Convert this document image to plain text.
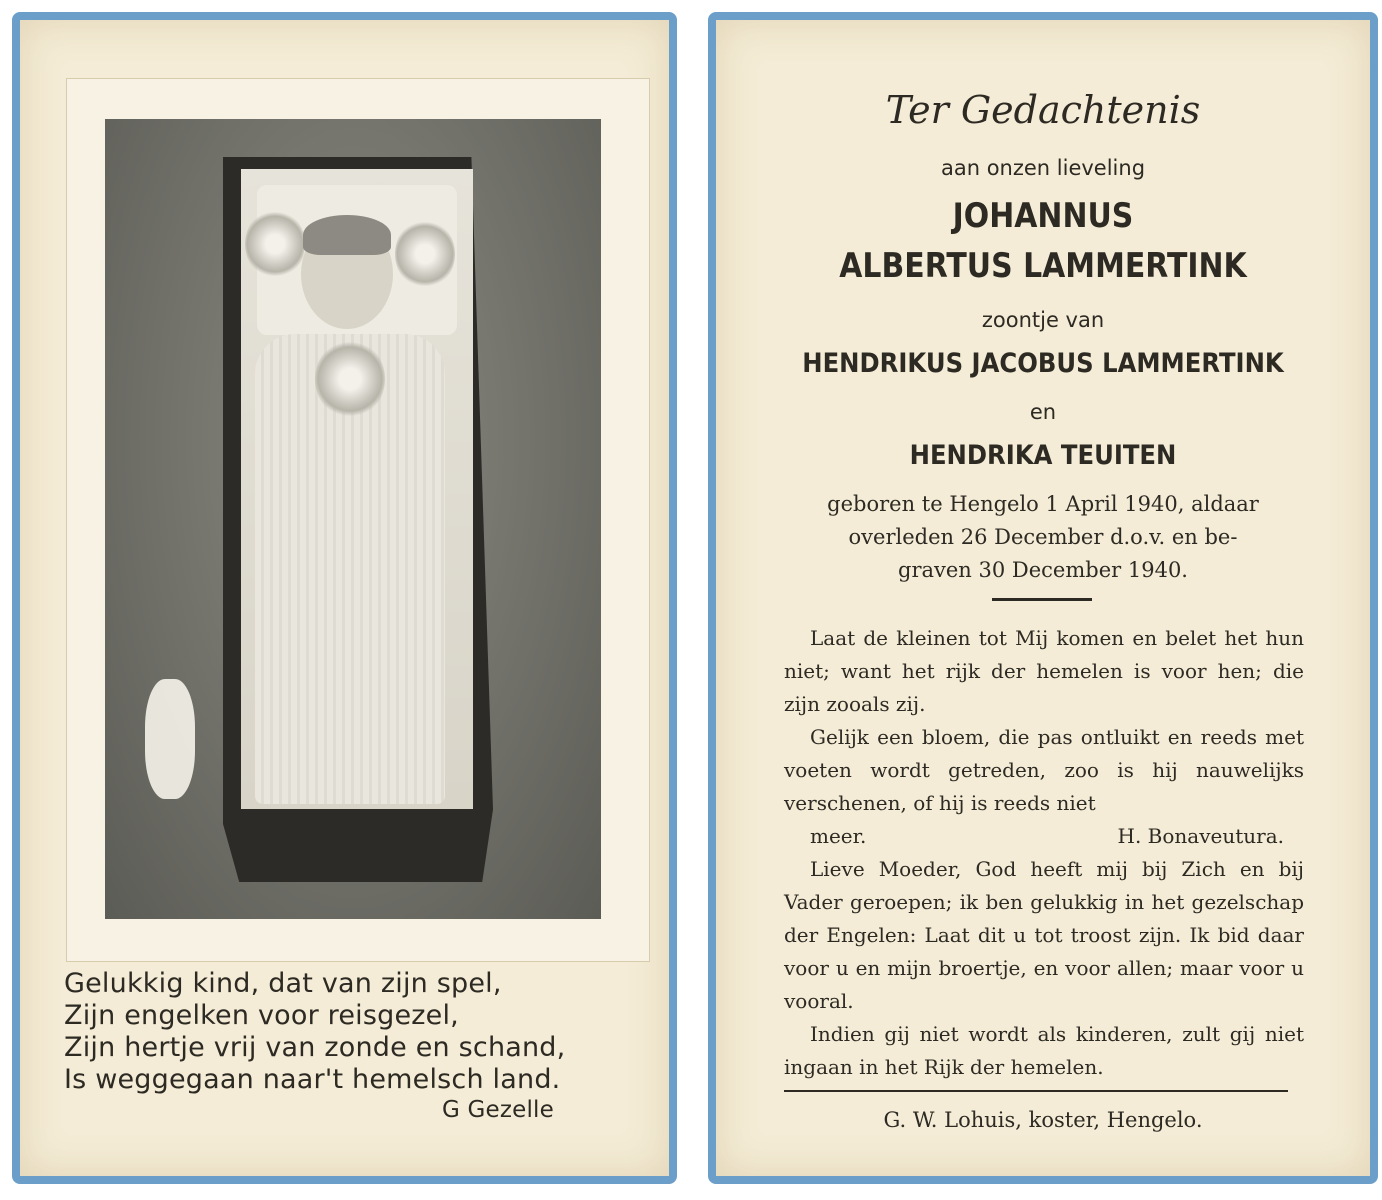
Gelukkig kind, dat van zijn spel,
Zijn engelken voor reisgezel,
Zijn hertje vrij van zonde en schand,
Is weggegaan naar't hemelsch land.
G Gezelle
Ter Gedachtenis
aan onzen lieveling
JOHANNUS
ALBERTUS LAMMERTINK
zoontje van
HENDRIKUS JACOBUS LAMMERTINK
en
HENDRIKA TEUITEN
geboren te Hengelo 1 April 1940, aldaar
overleden 26 December d.o.v. en be-
graven 30 December 1940.

Laat de kleinen tot Mij komen en belet het hun niet; want het rijk der hemelen is voor hen; die zijn zooals zij.

Gelijk een bloem, die pas ontluikt en reeds met voeten wordt getreden, zoo is hij nauwelijks verschenen, of hij is reeds niet

meer.	H. Bonaveutura.

Lieve Moeder, God heeft mij bij Zich en bij Vader geroepen; ik ben gelukkig in het gezelschap der Engelen: Laat dit u tot troost zijn. Ik bid daar voor u en mijn broertje, en voor allen; maar voor u vooral.

Indien gij niet wordt als kinderen, zult gij niet ingaan in het Rijk der hemelen.

G. W. Lohuis, koster, Hengelo.
